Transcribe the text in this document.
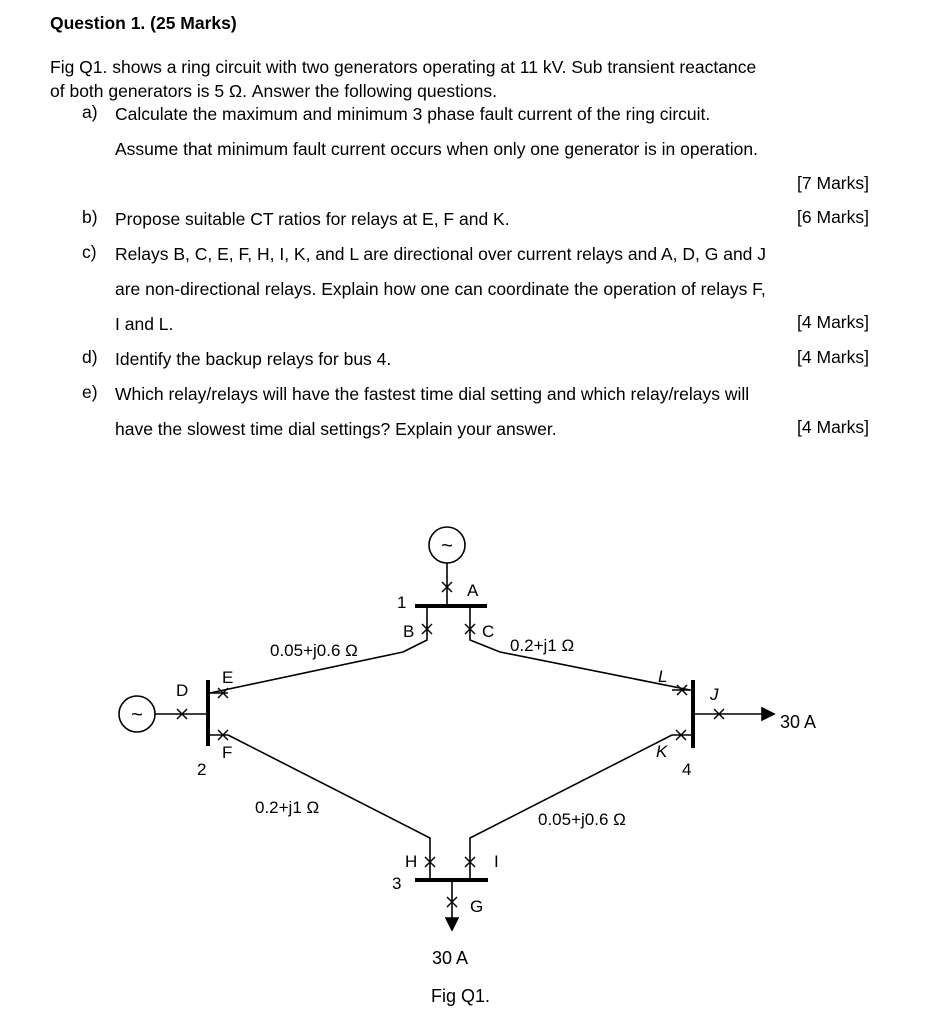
Question 1. (25 Marks)
Fig Q1. shows a ring circuit with two generators operating at 11 kV. Sub transient reactance
of both generators is 5 Ω. Answer the following questions.
a) Calculate the maximum and minimum 3 phase fault current of the ring circuit.
Assume that minimum fault current occurs when only one generator is in operation.
[7 Marks]
b) Propose suitable CT ratios for relays at E, F and K.	[6 Marks]
c) Relays B, C, E, F, H, I, K, and L are directional over current relays and A, D, G and J
are non-directional relays. Explain how one can coordinate the operation of relays F,
I and L.	[4 Marks]
d) Identify the backup relays for bus 4.	[4 Marks]
e) Which relay/relays will have the fastest time dial setting and which relay/relays will
have the slowest time dial settings? Explain your answer.	[4 Marks]
~
~
1
2
3
4
A
B	C
D
E
F
G
H	I
J
K
L
0.05+j0.6 Ω	0.2+j1 Ω
0.2+j1 Ω
0.05+j0.6 Ω
30 A
30 A
Fig Q1.
